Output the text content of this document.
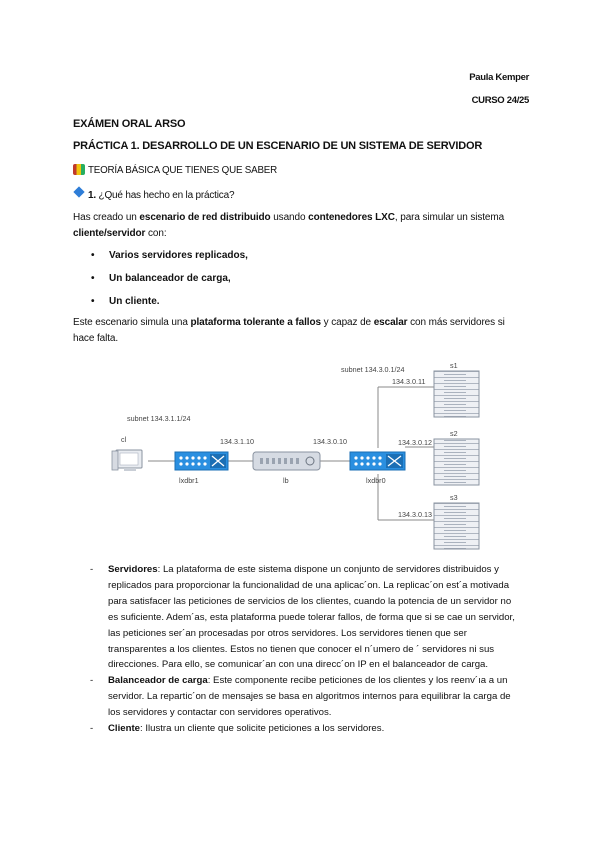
Paula Kemper
CURSO 24/25
EXÁMEN ORAL ARSO
PRÁCTICA 1. DESARROLLO DE UN ESCENARIO DE UN SISTEMA DE SERVIDOR
TEORÍA BÁSICA QUE TIENES QUE SABER
1. ¿Qué has hecho en la práctica?
Has creado un escenario de red distribuido usando contenedores LXC, para simular un sistema cliente/servidor con:
• Varios servidores replicados,
• Un balanceador de carga,
• Un cliente.
Este escenario simula una plataforma tolerante a fallos y capaz de escalar con más servidores si hace falta.
subnet 134.3.1.1/24
subnet 134.3.0.1/24
cl
lxdbr1	lb	lxdbr0
134.3.1.10	134.3.0.10
134.3.0.11
134.3.0.12
134.3.0.13
s1
s2
s3
- Servidores: La plataforma de este sistema dispone un conjunto de servidores distribuidos y replicados para proporcionar la funcionalidad de una aplicac´on. La replicac´on est´a motivada para satisfacer las peticiones de servicios de los clientes, cuando la potencia de un servidor no es suficiente. Adem´as, esta plataforma puede tolerar fallos, de forma que si se cae un servidor, las peticiones ser´an procesadas por otros servidores. Los servidores tienen que ser transparentes a los clientes. Estos no tienen que conocer el n´umero de ´ servidores ni sus direcciones. Para ello, se comunicar´an con una direcc´on IP en el balanceador de carga.
- Balanceador de carga: Este componente recibe peticiones de los clientes y los reenv´ıa a un servidor. La repartic´on de mensajes se basa en algoritmos internos para equilibrar la carga de los servidores y contactar con servidores operativos.
- Cliente: Ilustra un cliente que solicite peticiones a los servidores.
